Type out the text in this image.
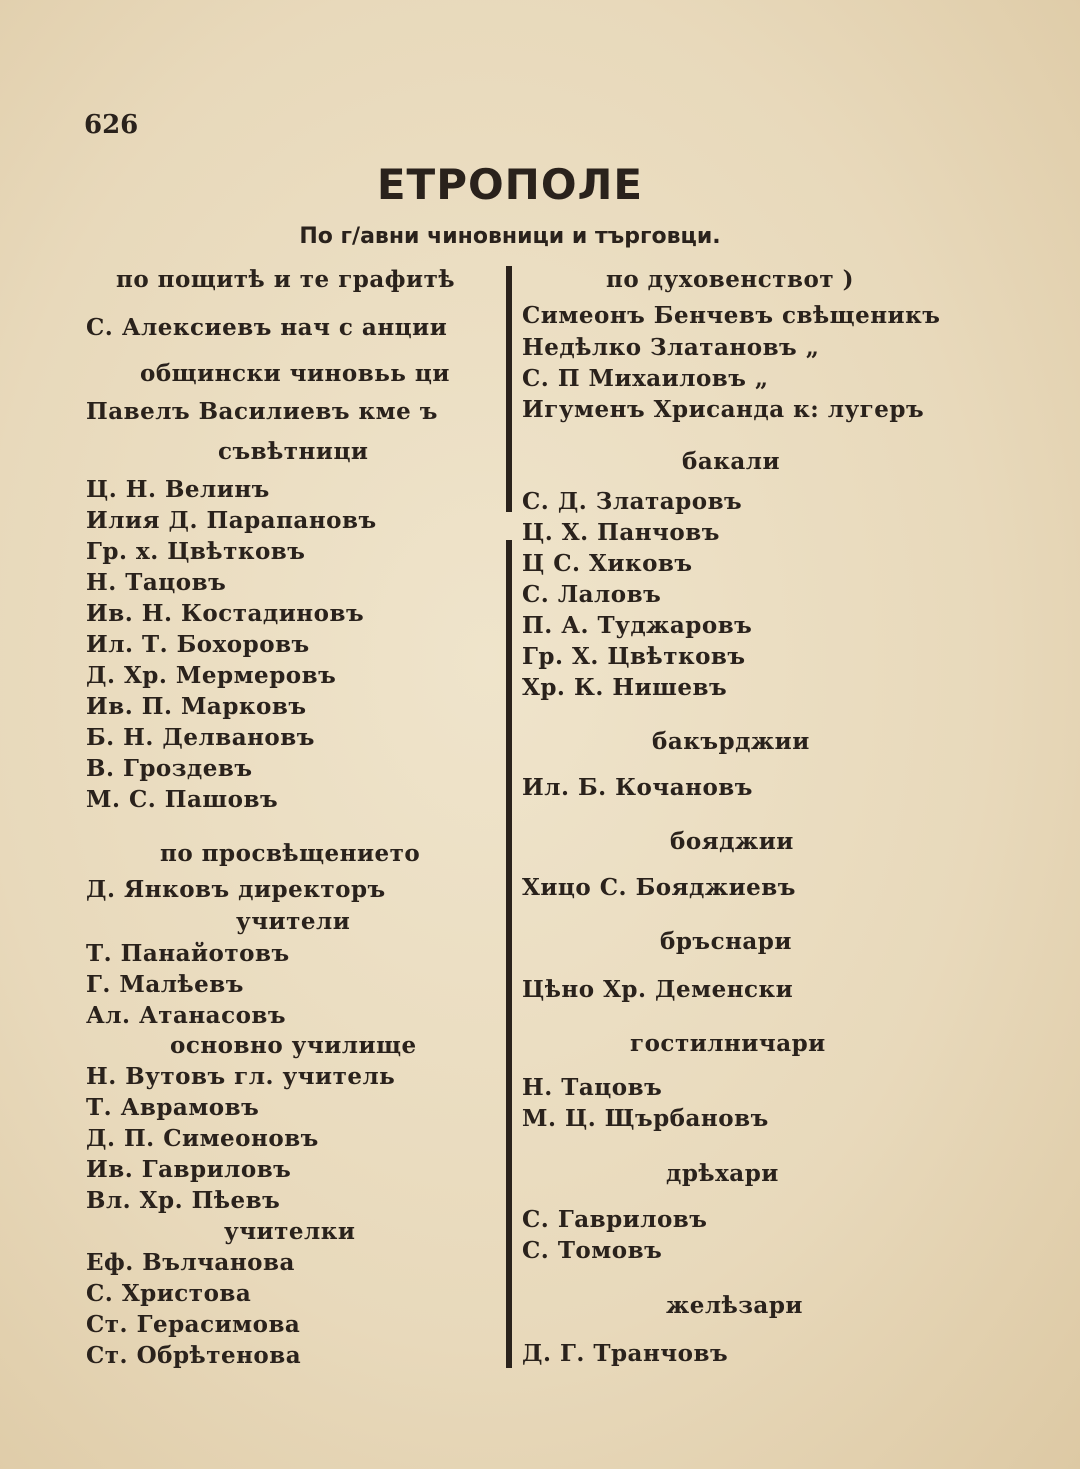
626
ЕТРОПОЛЕ
По г/авни чиновници и търговци.
по пощитѣ и те графитѣ
С. Алексиевъ нач с анции
общински чиновьь ци
Павелъ Василиевъ кме ъ
съвѣтници
Ц. Н. Велинъ
Илия Д. Парапановъ
Гр. х. Цвѣтковъ
Н. Тацовъ
Ив. Н. Костадиновъ
Ил. Т. Бохоровъ
Д. Хр. Мермеровъ
Ив. П. Марковъ
Б. Н. Делвановъ
В. Гроздевъ
М. С. Пашовъ
по просвѣщението
Д. Янковъ директоръ
учители
Т. Панайотовъ
Г. Малѣевъ
Ал. Атанасовъ
основно училище
Н. Вутовъ гл. учитель
Т. Аврамовъ
Д. П. Симеоновъ
Ив. Гавриловъ
Вл. Хр. Пѣевъ
учителки
Еф. Вълчанова
С. Христова
Ст. Герасимова
Ст. Обрѣтенова
по духовенствот )
Симеонъ Бенчевъ свѣщеникъ
Недѣлко Златановъ „
С. П Михаиловъ „
Игуменъ Хрисанда к: лугеръ
бакали
С. Д. Златаровъ
Ц. Х. Панчовъ
Ц С. Хиковъ
С. Лаловъ
П. А. Туджаровъ
Гр. Х. Цвѣтковъ
Хр. К. Нишевъ
бакърджии
Ил. Б. Кочановъ
бояджии
Хицо С. Бояджиевъ
бръснари
Цѣно Хр. Деменски
гостилничари
Н. Тацовъ
М. Ц. Щърбановъ
дрѣхари
С. Гавриловъ
С. Томовъ
желѣзари
Д. Г. Транчовъ
